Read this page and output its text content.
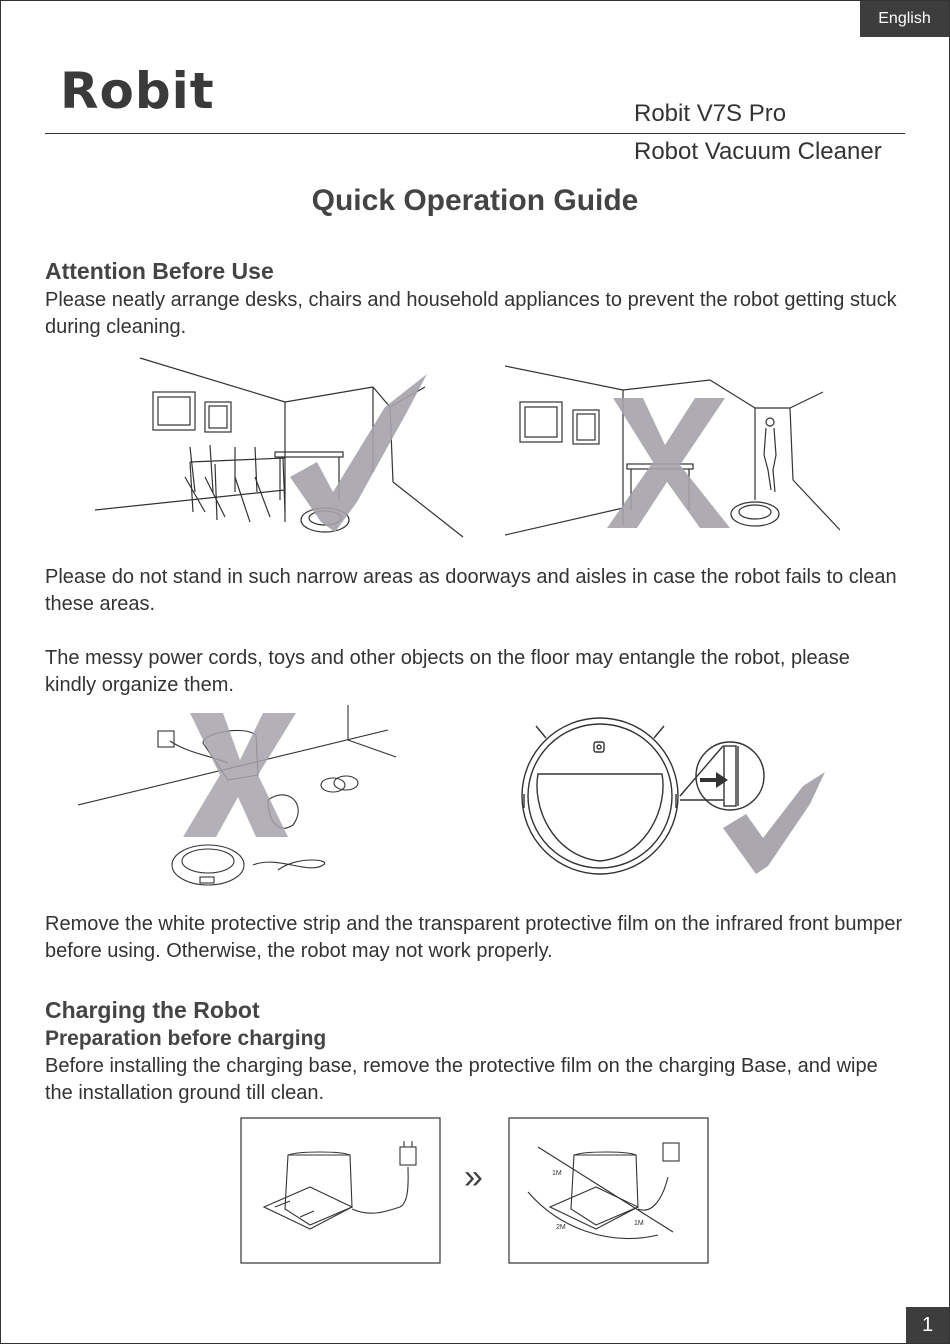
English
Robit	Robit V7S Pro
Robot Vacuum Cleaner
Quick Operation Guide
Attention Before Use

Please neatly arrange desks, chairs and household appliances to prevent the robot getting stuck during cleaning.

Please do not stand in such narrow areas as doorways and aisles in case the robot fails to clean these areas.

The messy power cords, toys and other objects on the floor may entangle the robot, please kindly organize them.

Remove the white protective strip and the transparent protective film on the infrared front bumper before using. Otherwise, the robot may not work properly.

Charging the Robot
Preparation before charging

Before installing the charging base, remove the protective film on the charging Base, and wipe the installation ground till clean.

»	1M
2M
1M
1
